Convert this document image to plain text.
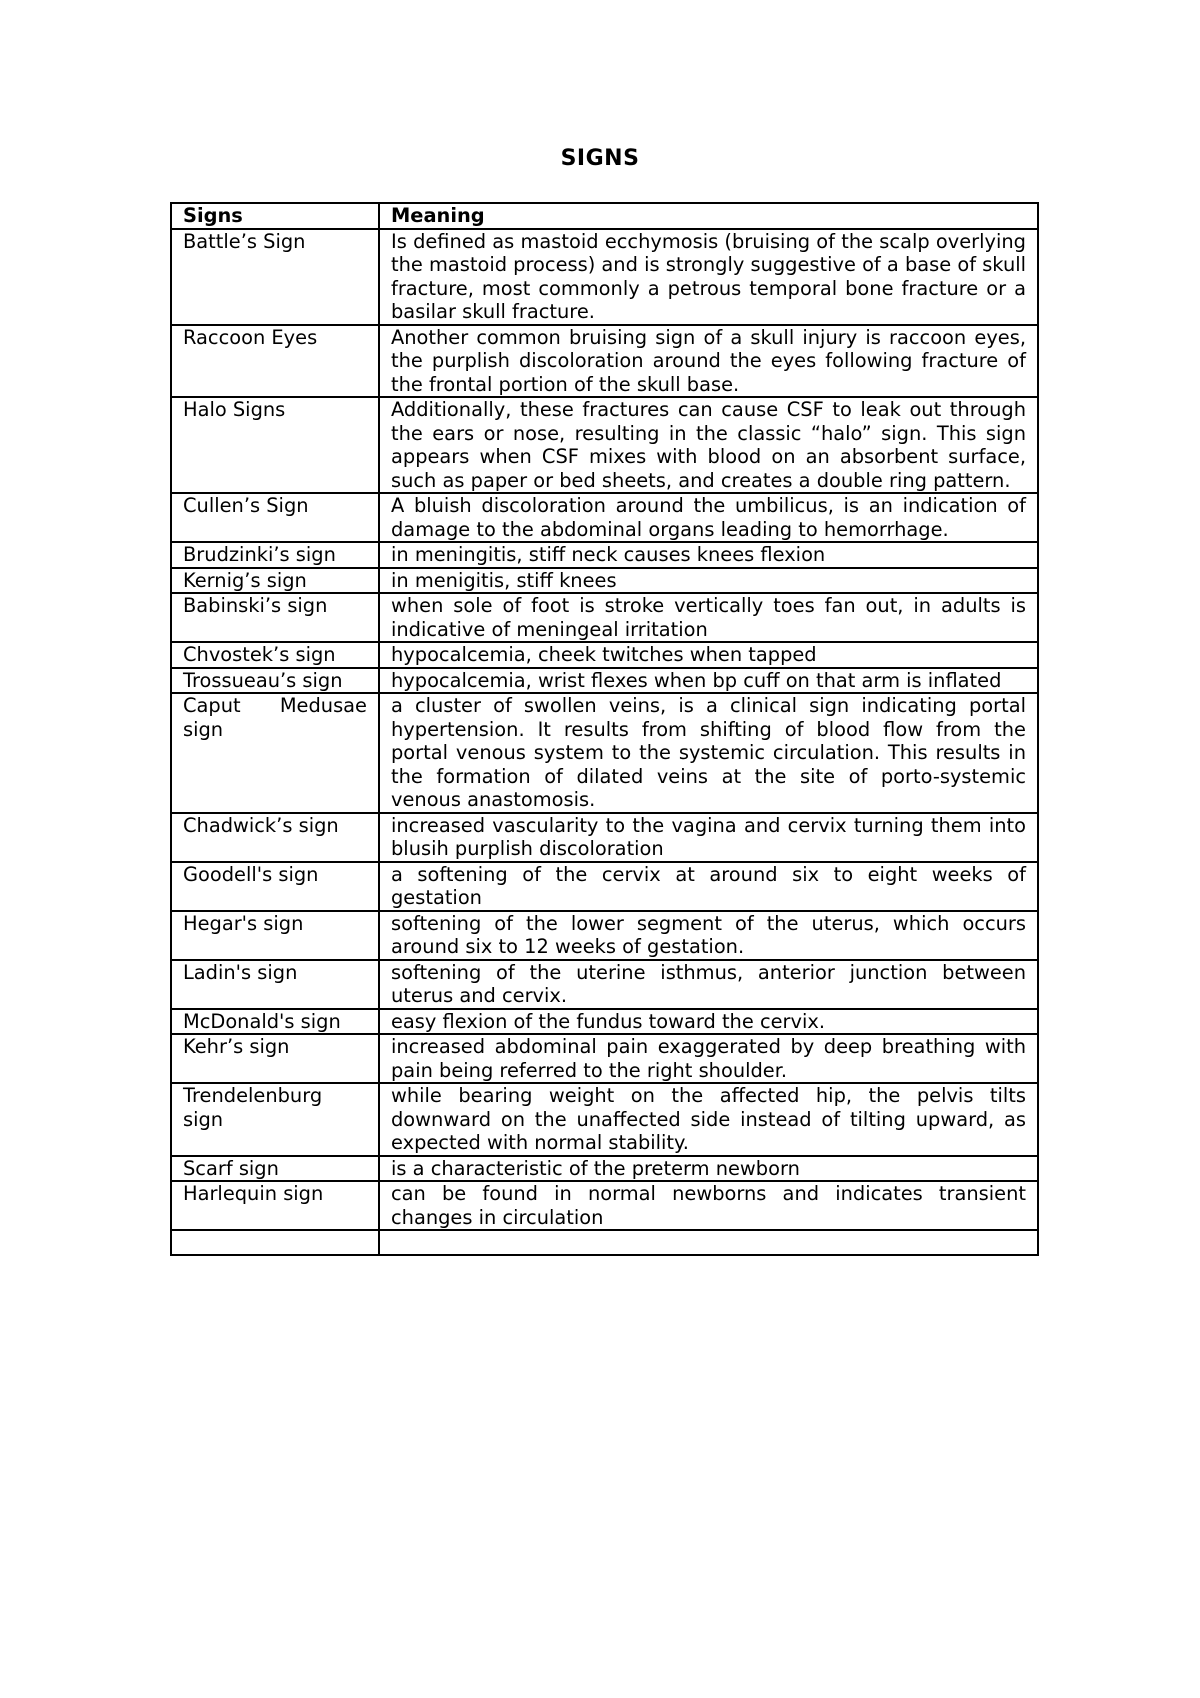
SIGNS
Signs	Meaning
Battle’s Sign	Is defined as mastoid ecchymosis (bruising of the scalp overlying the mastoid process) and is strongly suggestive of a base of skull fracture, most commonly a petrous temporal bone fracture or a basilar skull fracture.
Raccoon Eyes	Another common bruising sign of a skull injury is raccoon eyes, the purplish discoloration around the eyes following fracture of the frontal portion of the skull base.
Halo Signs	Additionally, these fractures can cause CSF to leak out through the ears or nose, resulting in the classic “halo” sign. This sign appears when CSF mixes with blood on an absorbent surface, such as paper or bed sheets, and creates a double ring pattern.
Cullen’s Sign	A bluish discoloration around the umbilicus, is an indication of damage to the abdominal organs leading to hemorrhage.
Brudzinki’s sign	in meningitis, stiff neck causes knees flexion
Kernig’s sign	in menigitis, stiff knees
Babinski’s sign	when sole of foot is stroke vertically toes fan out, in adults is indicative of meningeal irritation
Chvostek’s sign	hypocalcemia, cheek twitches when tapped
Trossueau’s sign	hypocalcemia, wrist flexes when bp cuff on that arm is inflated
Caput Medusae sign	a cluster of swollen veins, is a clinical sign indicating portal hypertension. It results from shifting of blood flow from the portal venous system to the systemic circulation. This results in the formation of dilated veins at the site of porto-systemic venous anastomosis.
Chadwick’s sign	increased vascularity to the vagina and cervix turning them into blusih purplish discoloration
Goodell's sign	a softening of the cervix at around six to eight weeks of gestation
Hegar's sign	softening of the lower segment of the uterus, which occurs around six to 12 weeks of gestation.
Ladin's sign	softening of the uterine isthmus, anterior junction between uterus and cervix.
McDonald's sign	easy flexion of the fundus toward the cervix.
Kehr’s sign	increased abdominal pain exaggerated by deep breathing with pain being referred to the right shoulder.
Trendelenburg sign	while bearing weight on the affected hip, the pelvis tilts downward on the unaffected side instead of tilting upward, as expected with normal stability.
Scarf sign	is a characteristic of the preterm newborn
Harlequin sign	can be found in normal newborns and indicates transient changes in circulation
